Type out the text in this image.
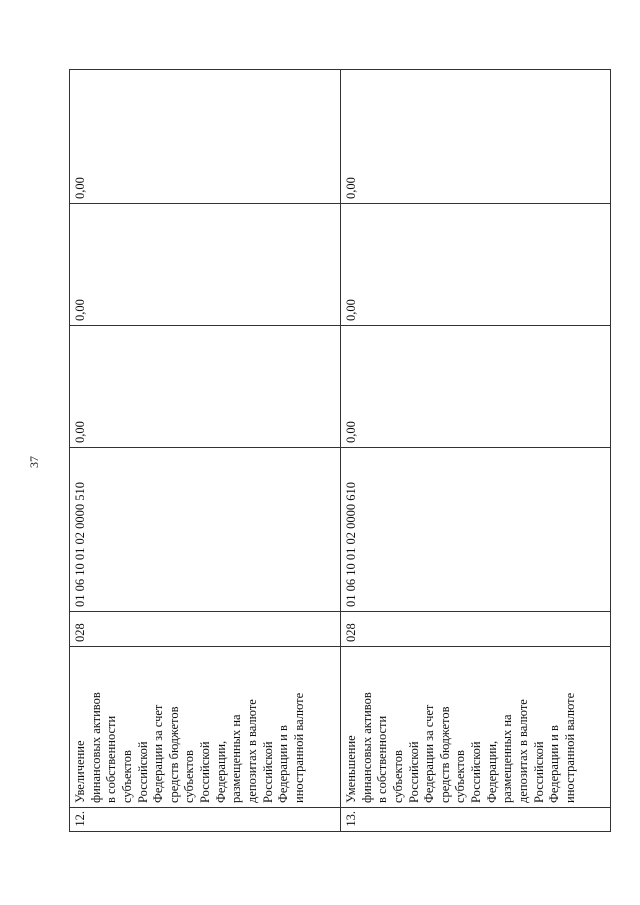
37
12.
Увеличение финансовых активов в собственности субъектов Российской Федерации за счет средств бюджетов субъектов Российской Федерации, размещенных на депозитах в валюте Российской Федерации и в иностранной валюте
028
01 06 10 01 02 0000 510
0,00
0,00
0,00
13.
Уменьшение финансовых активов в собственности субъектов Российской Федерации за счет средств бюджетов субъектов Российской Федерации, размещенных на депозитах в валюте Российской Федерации и в иностранной валюте
028
01 06 10 01 02 0000 610
0,00
0,00
0,00
